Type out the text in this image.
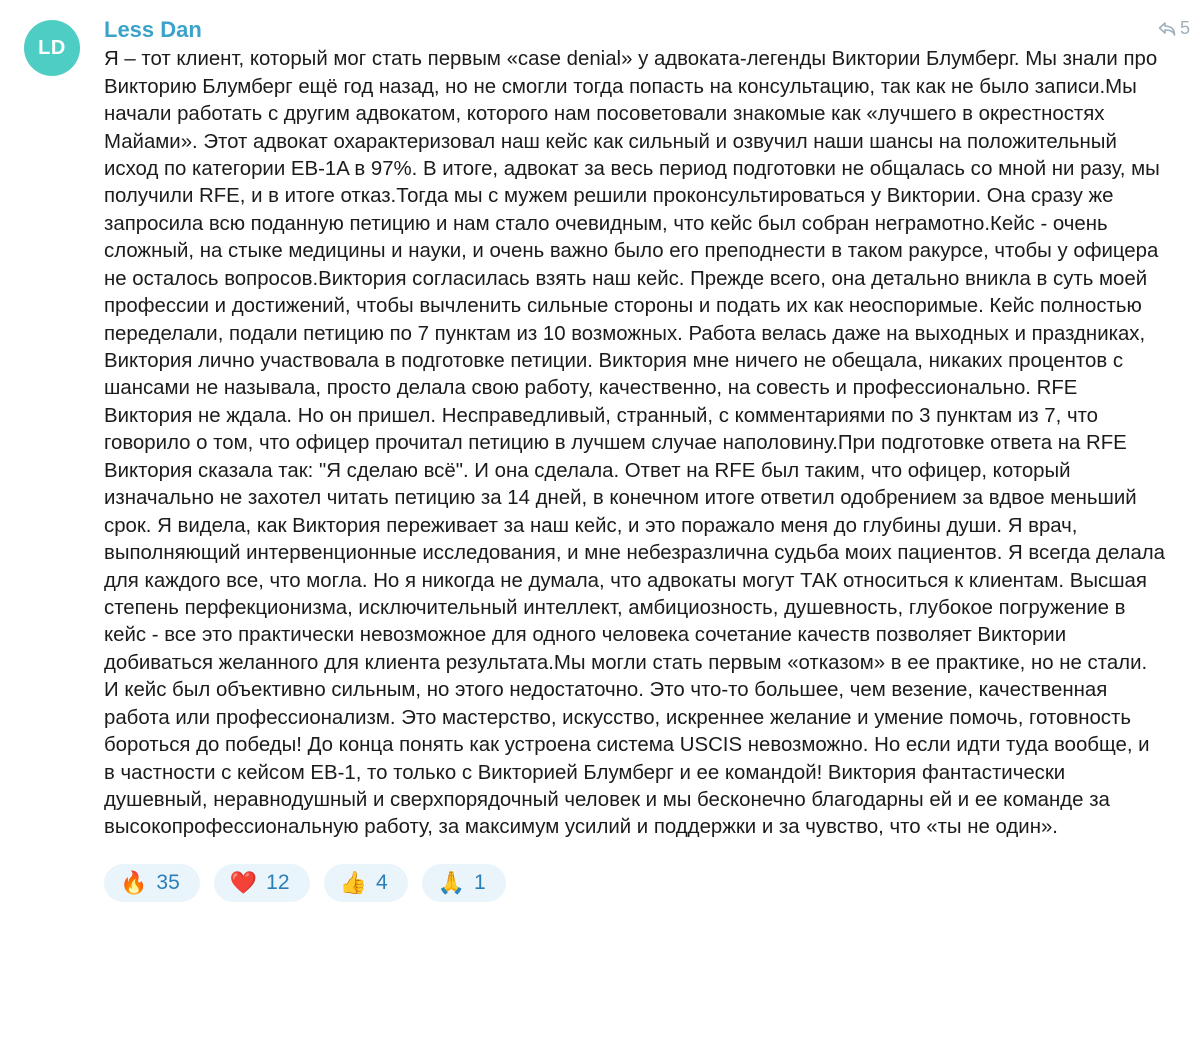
5
LD
Less Dan
Я – тот клиент, который мог стать первым «case denial» у адвоката-легенды Виктории Блумберг. Мы знали про Викторию Блумберг ещё год назад, но не смогли тогда попасть на консультацию, так как не было записи.Мы начали работать с другим адвокатом, которого нам посоветовали знакомые как «лучшего в окрестностях Майами». Этот адвокат охарактеризовал наш кейс как сильный и озвучил наши шансы на положительный исход по категории EB-1A в 97%. В итоге, адвокат за весь период подготовки не общалась со мной ни разу, мы получили RFE, и в итоге отказ.Тогда мы с мужем решили проконсультироваться у Виктории. Она сразу же запросила всю поданную петицию и нам стало очевидным, что кейс был собран неграмотно.Кейс - очень сложный, на стыке медицины и науки, и очень важно было его преподнести в таком ракурсе, чтобы у офицера не осталось вопросов.Виктория согласилась взять наш кейс. Прежде всего, она детально вникла в суть моей профессии и достижений, чтобы вычленить сильные стороны и подать их как неоспоримые. Кейс полностью переделали, подали петицию по 7 пунктам из 10 возможных. Работа велась даже на выходных и праздниках, Виктория лично участвовала в подготовке петиции. Виктория мне ничего не обещала, никаких процентов с шансами не называла, просто делала свою работу, качественно, на совесть и профессионально. RFE Виктория не ждала. Но он пришел. Несправедливый, странный, с комментариями по 3 пунктам из 7, что говорило о том, что офицер прочитал петицию в лучшем случае наполовину.При подготовке ответа на RFE Виктория сказала так: "Я сделаю всё". И она сделала. Ответ на RFE был таким, что офицер, который изначально не захотел читать петицию за 14 дней, в конечном итоге ответил одобрением за вдвое меньший срок. Я видела, как Виктория переживает за наш кейс, и это поражало меня до глубины души. Я врач, выполняющий интервенционные исследования, и мне небезразлична судьба моих пациентов. Я всегда делала для каждого все, что могла. Но я никогда не думала, что адвокаты могут ТАК относиться к клиентам. Высшая степень перфекционизма, исключительный интеллект, амбициозность, душевность, глубокое погружение в кейс - все это практически невозможное для одного человека сочетание качеств позволяет Виктории добиваться желанного для клиента результата.Мы могли стать первым «отказом» в ее практике, но не стали. И кейс был объективно сильным, но этого недостаточно. Это что-то большее, чем везение, качественная работа или профессионализм. Это мастерство, искусство, искреннее желание и умение помочь, готовность бороться до победы! До конца понять как устроена система USCIS невозможно. Но если идти туда вообще, и в частности с кейсом EB-1, то только с Викторией Блумберг и ее командой! Виктория фантастически душевный, неравнодушный и сверхпорядочный человек и мы бесконечно благодарны ей и ее команде за высокопрофессиональную работу, за максимум усилий и поддержки и за чувство, что «ты не один».
🔥 35 ❤️ 12 👍 4 🙏 1
